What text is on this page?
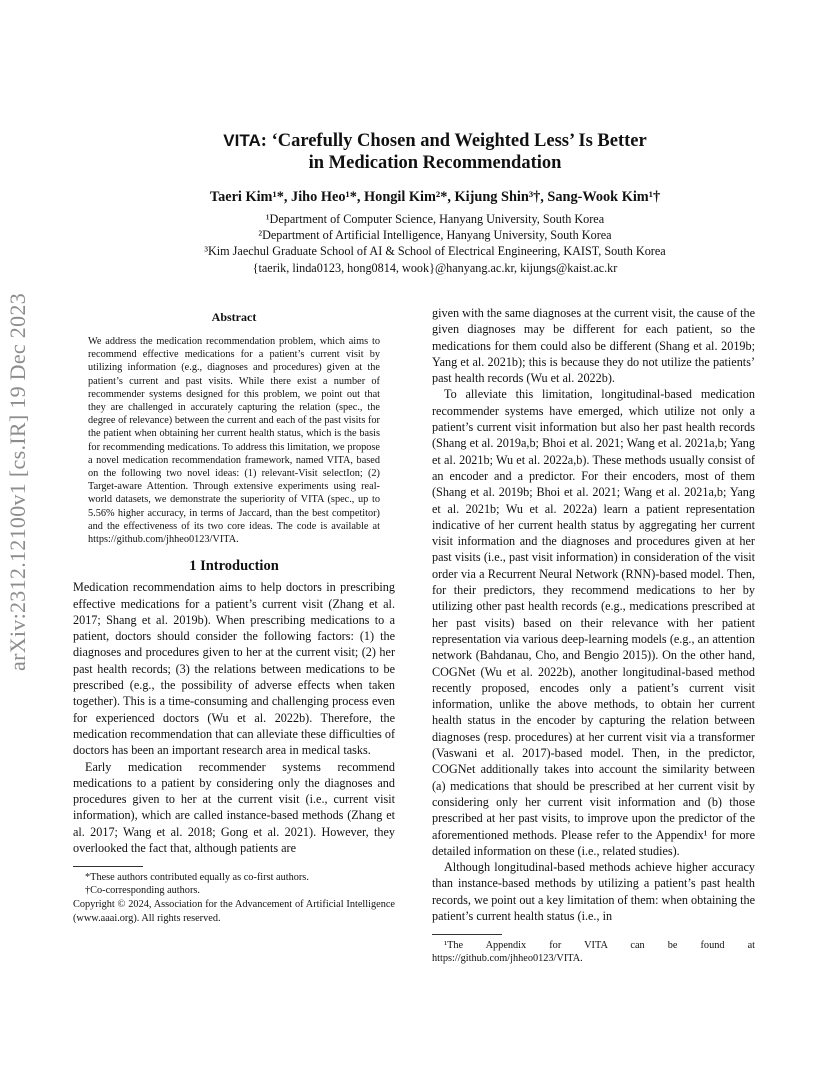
arXiv:2312.12100v1 [cs.IR] 19 Dec 2023
VITA: ‘Carefully Chosen and Weighted Less’ Is Better
in Medication Recommendation
Taeri Kim¹*, Jiho Heo¹*, Hongil Kim²*, Kijung Shin³†, Sang-Wook Kim¹†
¹Department of Computer Science, Hanyang University, South Korea
²Department of Artificial Intelligence, Hanyang University, South Korea
³Kim Jaechul Graduate School of AI & School of Electrical Engineering, KAIST, South Korea
{taerik, linda0123, hong0814, wook}@hanyang.ac.kr, kijungs@kaist.ac.kr
Abstract
We address the medication recommendation problem, which aims to recommend effective medications for a patient’s current visit by utilizing information (e.g., diagnoses and procedures) given at the patient’s current and past visits. While there exist a number of recommender systems designed for this problem, we point out that they are challenged in accurately capturing the relation (spec., the degree of relevance) between the current and each of the past visits for the patient when obtaining her current health status, which is the basis for recommending medications. To address this limitation, we propose a novel medication recommendation framework, named VITA, based on the following two novel ideas: (1) relevant-Visit selectIon; (2) Target-aware Attention. Through extensive experiments using real-world datasets, we demonstrate the superiority of VITA (spec., up to 5.56% higher accuracy, in terms of Jaccard, than the best competitor) and the effectiveness of its two core ideas. The code is available at https://github.com/jhheo0123/VITA.
1 Introduction

Medication recommendation aims to help doctors in prescribing effective medications for a patient’s current visit (Zhang et al. 2017; Shang et al. 2019b). When prescribing medications to a patient, doctors should consider the following factors: (1) the diagnoses and procedures given to her at the current visit; (2) her past health records; (3) the relations between medications to be prescribed (e.g., the possibility of adverse effects when taken together). This is a time-consuming and challenging process even for experienced doctors (Wu et al. 2022b). Therefore, the medication recommendation that can alleviate these difficulties of doctors has been an important research area in medical tasks.

Early medication recommender systems recommend medications to a patient by considering only the diagnoses and procedures given to her at the current visit (i.e., current visit information), which are called instance-based methods (Zhang et al. 2017; Wang et al. 2018; Gong et al. 2021). However, they overlooked the fact that, although patients are

*These authors contributed equally as co-first authors.

†Co-corresponding authors.

Copyright © 2024, Association for the Advancement of Artificial Intelligence (www.aaai.org). All rights reserved.

given with the same diagnoses at the current visit, the cause of the given diagnoses may be different for each patient, so the medications for them could also be different (Shang et al. 2019b; Yang et al. 2021b); this is because they do not utilize the patients’ past health records (Wu et al. 2022b).

To alleviate this limitation, longitudinal-based medication recommender systems have emerged, which utilize not only a patient’s current visit information but also her past health records (Shang et al. 2019a,b; Bhoi et al. 2021; Wang et al. 2021a,b; Yang et al. 2021b; Wu et al. 2022a,b). These methods usually consist of an encoder and a predictor. For their encoders, most of them (Shang et al. 2019b; Bhoi et al. 2021; Wang et al. 2021a,b; Yang et al. 2021b; Wu et al. 2022a) learn a patient representation indicative of her current health status by aggregating her current visit information and the diagnoses and procedures given at her past visits (i.e., past visit information) in consideration of the visit order via a Recurrent Neural Network (RNN)-based model. Then, for their predictors, they recommend medications to her by utilizing other past health records (e.g., medications prescribed at her past visits) based on their relevance with her patient representation via various deep-learning models (e.g., an attention network (Bahdanau, Cho, and Bengio 2015)). On the other hand, COGNet (Wu et al. 2022b), another longitudinal-based method recently proposed, encodes only a patient’s current visit information, unlike the above methods, to obtain her current health status in the encoder by capturing the relation between diagnoses (resp. procedures) at her current visit via a transformer (Vaswani et al. 2017)-based model. Then, in the predictor, COGNet additionally takes into account the similarity between (a) medications that should be prescribed at her current visit by considering only her current visit information and (b) those prescribed at her past visits, to improve upon the predictor of the aforementioned methods. Please refer to the Appendix¹ for more detailed information on these (i.e., related studies).

Although longitudinal-based methods achieve higher accuracy than instance-based methods by utilizing a patient’s past health records, we point out a key limitation of them: when obtaining the patient’s current health status (i.e., in

¹The Appendix for VITA can be found at https://github.com/jhheo0123/VITA.
